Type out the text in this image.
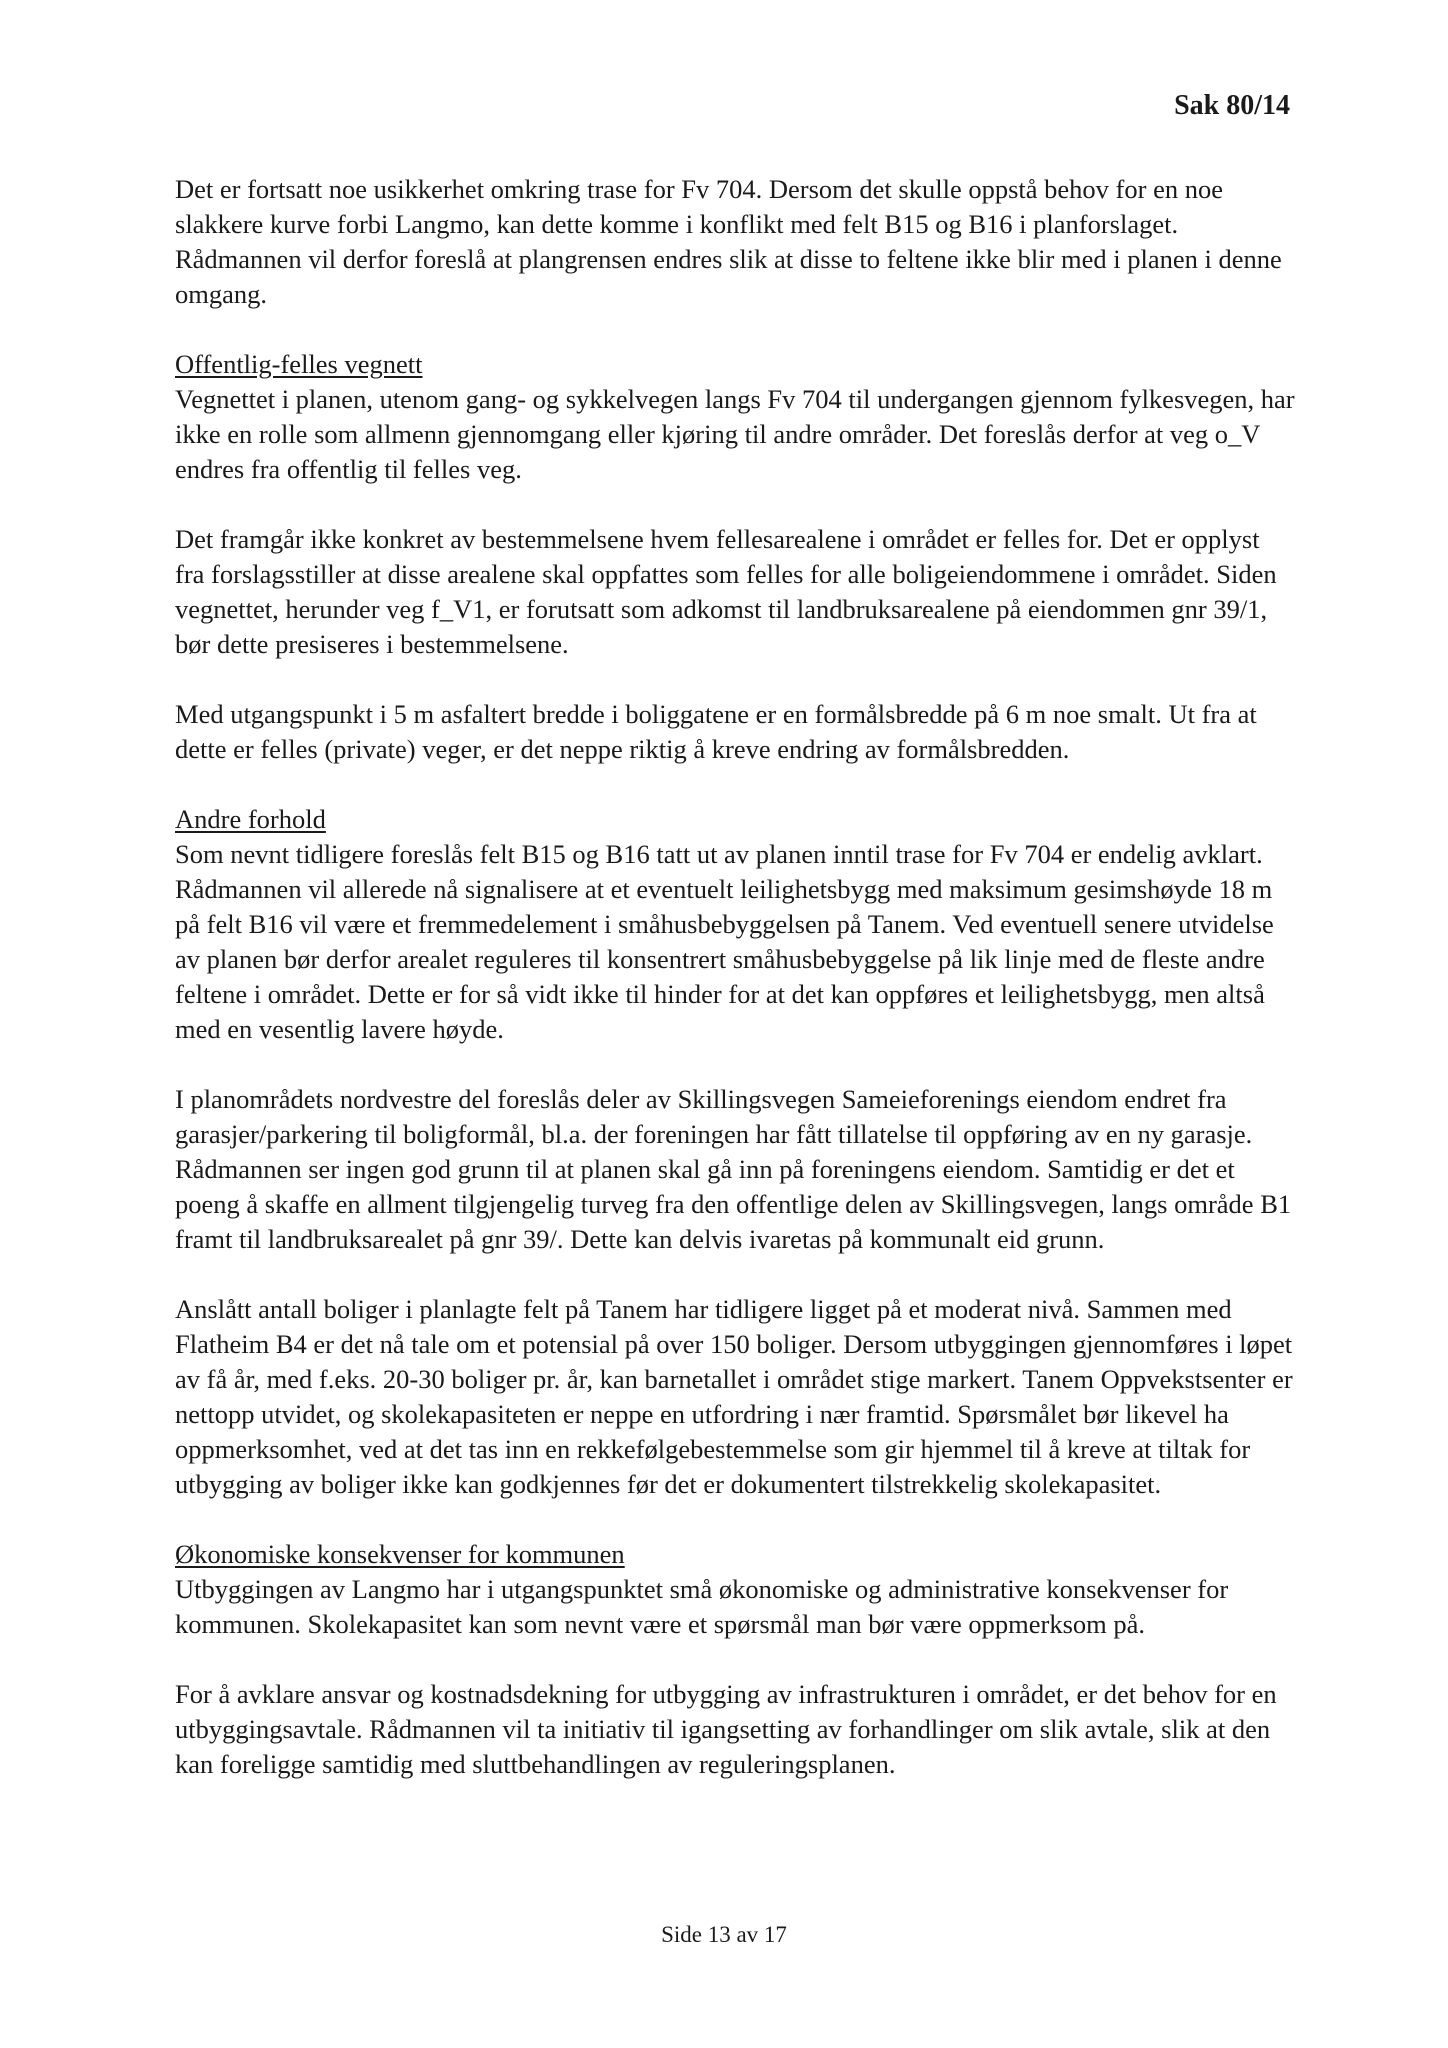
Sak 80/14

Det er fortsatt noe usikkerhet omkring trase for Fv 704. Dersom det skulle oppstå behov for en noe slakkere kurve forbi Langmo, kan dette komme i konflikt med felt B15 og B16 i planforslaget. Rådmannen vil derfor foreslå at plangrensen endres slik at disse to feltene ikke blir med i planen i denne omgang.

Offentlig-felles vegnett

Vegnettet i planen, utenom gang- og sykkelvegen langs Fv 704 til undergangen gjennom fylkesvegen, har ikke en rolle som allmenn gjennomgang eller kjøring til andre områder. Det foreslås derfor at veg o_V endres fra offentlig til felles veg.

Det framgår ikke konkret av bestemmelsene hvem fellesarealene i området er felles for. Det er opplyst fra forslagsstiller at disse arealene skal oppfattes som felles for alle boligeiendommene i området. Siden vegnettet, herunder veg f_V1, er forutsatt som adkomst til landbruksarealene på eiendommen gnr 39/1, bør dette presiseres i bestemmelsene.

Med utgangspunkt i 5 m asfaltert bredde i boliggatene er en formålsbredde på 6 m noe smalt. Ut fra at dette er felles (private) veger, er det neppe riktig å kreve endring av formålsbredden.

Andre forhold

Som nevnt tidligere foreslås felt B15 og B16 tatt ut av planen inntil trase for Fv 704 er endelig avklart. Rådmannen vil allerede nå signalisere at et eventuelt leilighetsbygg med maksimum gesimshøyde 18 m på felt B16 vil være et fremmedelement i småhusbebyggelsen på Tanem. Ved eventuell senere utvidelse av planen bør derfor arealet reguleres til konsentrert småhusbebyggelse på lik linje med de fleste andre feltene i området. Dette er for så vidt ikke til hinder for at det kan oppføres et leilighetsbygg, men altså med en vesentlig lavere høyde.

I planområdets nordvestre del foreslås deler av Skillingsvegen Sameieforenings eiendom endret fra garasjer/parkering til boligformål, bl.a. der foreningen har fått tillatelse til oppføring av en ny garasje. Rådmannen ser ingen god grunn til at planen skal gå inn på foreningens eiendom. Samtidig er det et poeng å skaffe en allment tilgjengelig turveg fra den offentlige delen av Skillingsvegen, langs område B1 framt til landbruksarealet på gnr 39/. Dette kan delvis ivaretas på kommunalt eid grunn.

Anslått antall boliger i planlagte felt på Tanem har tidligere ligget på et moderat nivå. Sammen med Flatheim B4 er det nå tale om et potensial på over 150 boliger. Dersom utbyggingen gjennomføres i løpet av få år, med f.eks. 20-30 boliger pr. år, kan barnetallet i området stige markert. Tanem Oppvekstsenter er nettopp utvidet, og skolekapasiteten er neppe en utfordring i nær framtid. Spørsmålet bør likevel ha oppmerksomhet, ved at det tas inn en rekkefølgebestemmelse som gir hjemmel til å kreve at tiltak for utbygging av boliger ikke kan godkjennes før det er dokumentert tilstrekkelig skolekapasitet.

Økonomiske konsekvenser for kommunen

Utbyggingen av Langmo har i utgangspunktet små økonomiske og administrative konsekvenser for kommunen. Skolekapasitet kan som nevnt være et spørsmål man bør være oppmerksom på.

For å avklare ansvar og kostnadsdekning for utbygging av infrastrukturen i området, er det behov for en utbyggingsavtale. Rådmannen vil ta initiativ til igangsetting av forhandlinger om slik avtale, slik at den kan foreligge samtidig med sluttbehandlingen av reguleringsplanen.

Side 13 av 17
